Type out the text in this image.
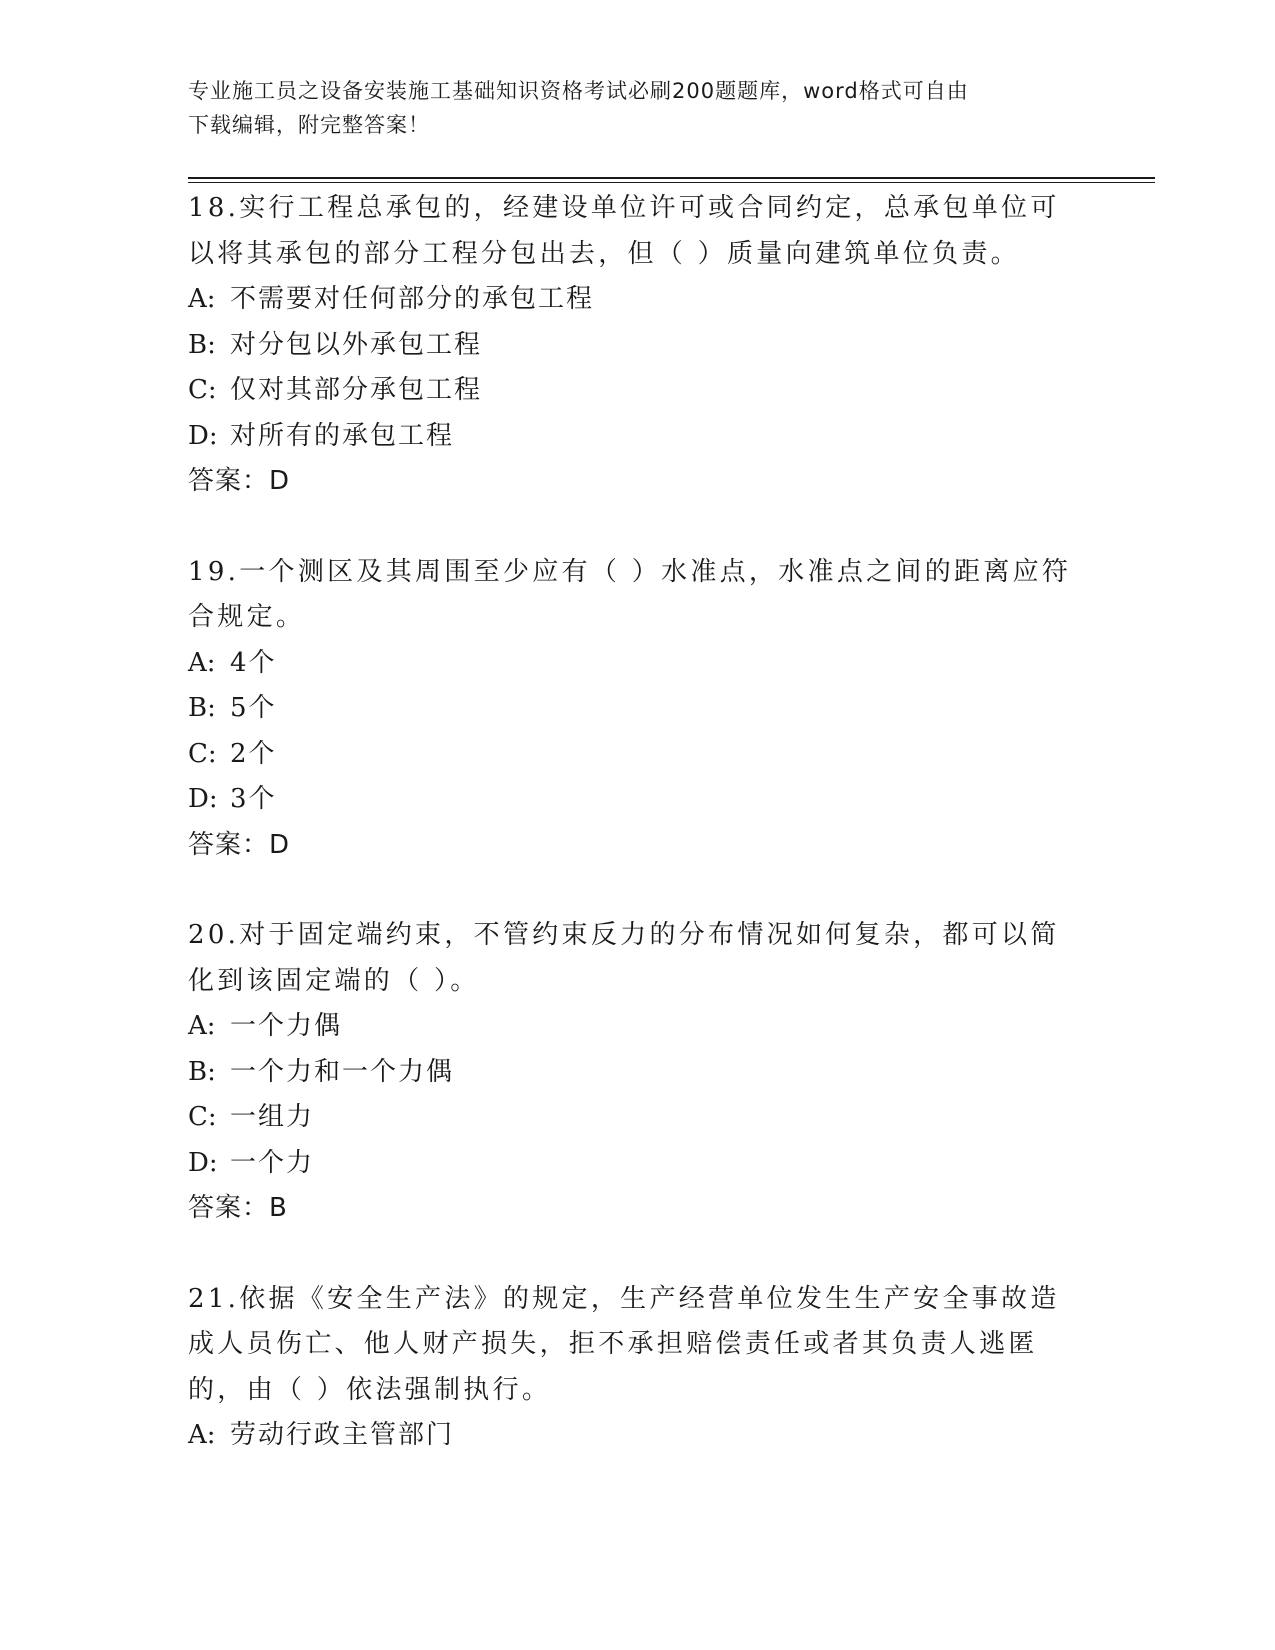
专业施工员之设备安装施工基础知识资格考试必刷200题题库，word格式可自由
下载编辑，附完整答案！

18.实行工程总承包的，经建设单位许可或合同约定，总承包单位可以将其承包的部分工程分包出去，但（ ）质量向建筑单位负责。

A: 不需要对任何部分的承包工程

B: 对分包以外承包工程

C: 仅对其部分承包工程

D: 对所有的承包工程

答案：D

19.一个测区及其周围至少应有（ ）水准点，水准点之间的距离应符合规定。

A: 4个

B: 5个

C: 2个

D: 3个

答案：D

20.对于固定端约束，不管约束反力的分布情况如何复杂，都可以简化到该固定端的（ ）。

A: 一个力偶

B: 一个力和一个力偶

C: 一组力

D: 一个力

答案：B

21.依据《安全生产法》的规定，生产经营单位发生生产安全事故造成人员伤亡、他人财产损失，拒不承担赔偿责任或者其负责人逃匿的，由（ ）依法强制执行。

A: 劳动行政主管部门
